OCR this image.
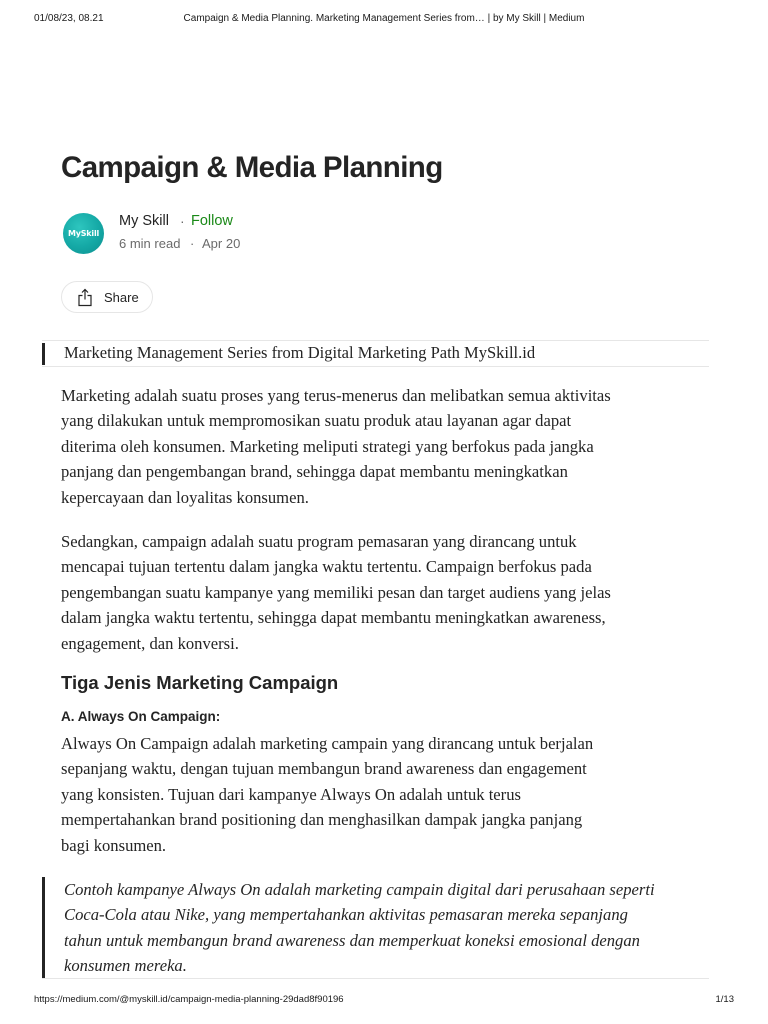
01/08/23, 08.21	Campaign & Media Planning. Marketing Management Series from… | by My Skill | Medium
Campaign & Media Planning
MySkill
My Skill · Follow
6 min read · Apr 20
Share
Marketing Management Series from Digital Marketing Path MySkill.id

Marketing adalah suatu proses yang terus-menerus dan melibatkan semua aktivitas
yang dilakukan untuk mempromosikan suatu produk atau layanan agar dapat
diterima oleh konsumen. Marketing meliputi strategi yang berfokus pada jangka
panjang dan pengembangan brand, sehingga dapat membantu meningkatkan
kepercayaan dan loyalitas konsumen.

Sedangkan, campaign adalah suatu program pemasaran yang dirancang untuk
mencapai tujuan tertentu dalam jangka waktu tertentu. Campaign berfokus pada
pengembangan suatu kampanye yang memiliki pesan dan target audiens yang jelas
dalam jangka waktu tertentu, sehingga dapat membantu meningkatkan awareness,
engagement, dan konversi.

Tiga Jenis Marketing Campaign
A. Always On Campaign:

Always On Campaign adalah marketing campain yang dirancang untuk berjalan
sepanjang waktu, dengan tujuan membangun brand awareness dan engagement
yang konsisten. Tujuan dari kampanye Always On adalah untuk terus
mempertahankan brand positioning dan menghasilkan dampak jangka panjang
bagi konsumen.

Contoh kampanye Always On adalah marketing campain digital dari perusahaan seperti
Coca-Cola atau Nike, yang mempertahankan aktivitas pemasaran mereka sepanjang
tahun untuk membangun brand awareness dan memperkuat koneksi emosional dengan
konsumen mereka.
https://medium.com/@myskill.id/campaign-media-planning-29dad8f90196	1/13
